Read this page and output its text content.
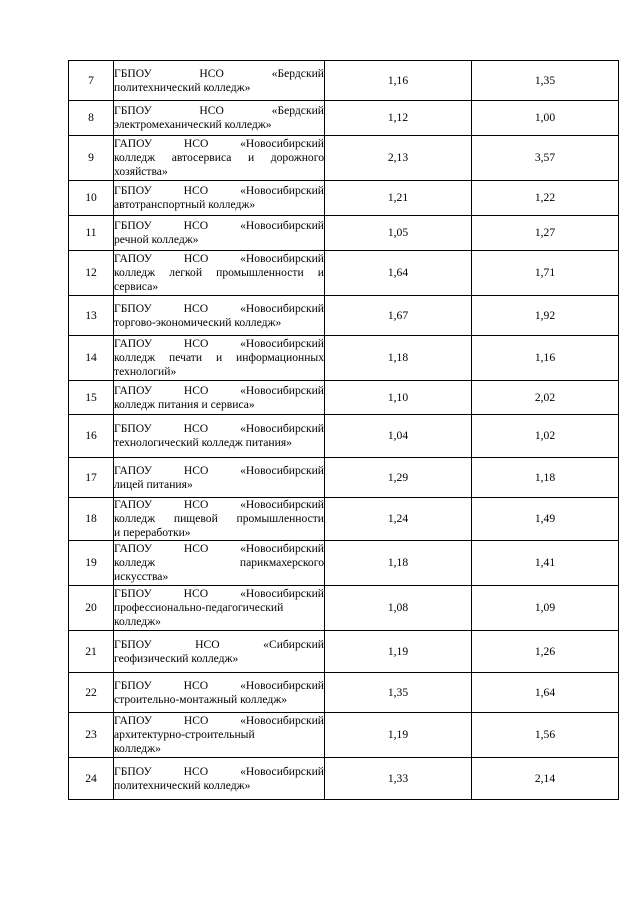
7	ГБПОУ НСО «Бердский
политехнический колледж»	1,16	1,35
8	ГБПОУ НСО «Бердский
электромеханический колледж»	1,12	1,00
9	ГАПОУ НСО «Новосибирский
колледж автосервиса и дорожного
хозяйства»	2,13	3,57
10	ГБПОУ НСО «Новосибирский
автотранспортный колледж»	1,21	1,22
11	ГБПОУ НСО «Новосибирский
речной колледж»	1,05	1,27
12	ГАПОУ НСО «Новосибирский
колледж легкой промышленности и
сервиса»	1,64	1,71
13	ГБПОУ НСО «Новосибирский
торгово-экономический колледж»	1,67	1,92
14	ГАПОУ НСО «Новосибирский
колледж печати и информационных
технологий»	1,18	1,16
15	ГАПОУ НСО «Новосибирский
колледж питания и сервиса»	1,10	2,02
16	ГБПОУ НСО «Новосибирский
технологический колледж питания»	1,04	1,02
17	ГАПОУ НСО «Новосибирский
лицей питания»	1,29	1,18
18	ГАПОУ НСО «Новосибирский
колледж пищевой промышленности
и переработки»	1,24	1,49
19	ГАПОУ НСО «Новосибирский
колледж парикмахерского
искусства»	1,18	1,41
20	ГБПОУ НСО «Новосибирский
профессионально-педагогический
колледж»	1,08	1,09
21	ГБПОУ НСО «Сибирский
геофизический колледж»	1,19	1,26
22	ГБПОУ НСО «Новосибирский
строительно-монтажный колледж»	1,35	1,64
23	ГАПОУ НСО «Новосибирский
архитектурно-строительный
колледж»	1,19	1,56
24	ГБПОУ НСО «Новосибирский
политехнический колледж»	1,33	2,14
